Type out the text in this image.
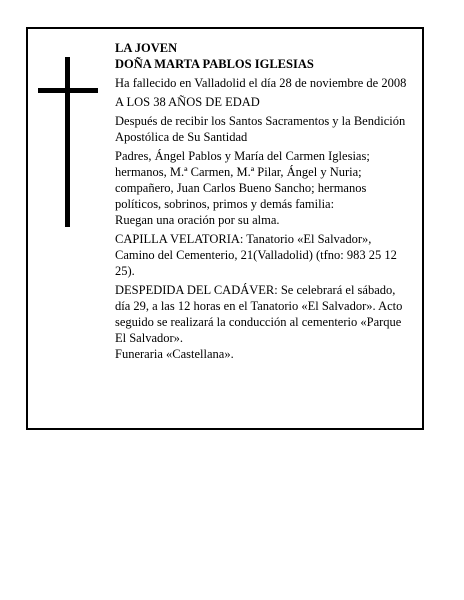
LA JOVEN

DOÑA MARTA PABLOS IGLESIAS

Ha fallecido en Valladolid el día 28 de noviembre de 2008

A LOS 38 AÑOS DE EDAD

Después de recibir los Santos Sacramentos y la Bendición Apostólica de Su Santidad

Padres, Ángel Pablos y María del Carmen Iglesias; hermanos, M.ª Carmen, M.ª Pilar, Ángel y Nuria; compañero, Juan Carlos Bueno Sancho; hermanos políticos, sobrinos, primos y demás familia:

Ruegan una oración por su alma.

CAPILLA VELATORIA: Tanatorio «El Salvador», Camino del Cementerio, 21(Valladolid) (tfno: 983 25 12 25).

DESPEDIDA DEL CADÁVER: Se celebrará el sábado, día 29, a las 12 horas en el Tanatorio «El Salvador». Acto seguido se realizará la conducción al cementerio «Parque El Salvador».

Funeraria «Castellana».
